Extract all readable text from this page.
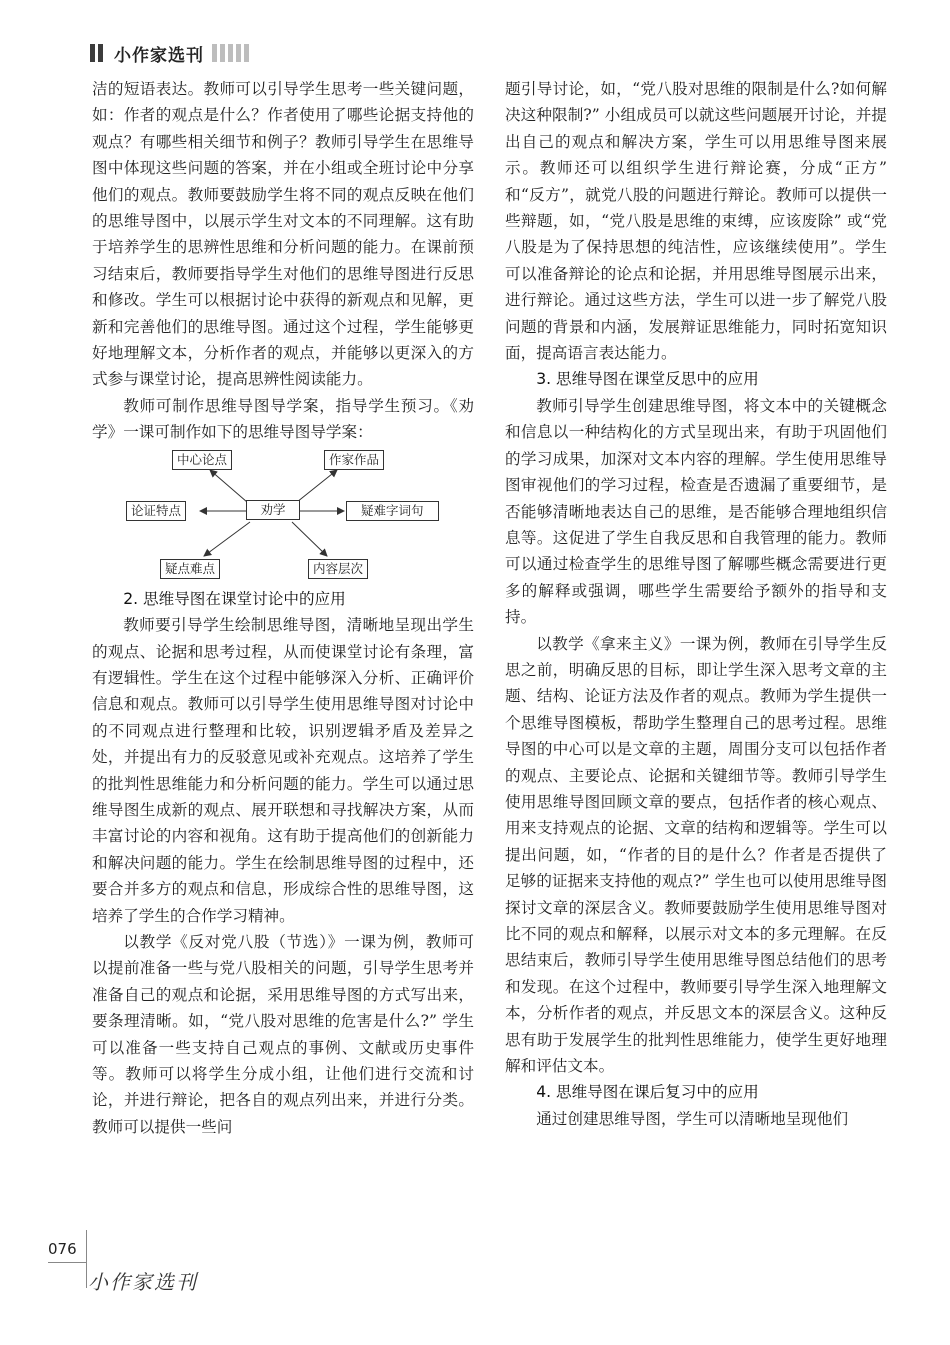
小作家选刊

洁的短语表达。教师可以引导学生思考一些关键问题，如：作者的观点是什么？作者使用了哪些论据支持他的观点？有哪些相关细节和例子？教师引导学生在思维导图中体现这些问题的答案，并在小组或全班讨论中分享他们的观点。教师要鼓励学生将不同的观点反映在他们的思维导图中，以展示学生对文本的不同理解。这有助于培养学生的思辨性思维和分析问题的能力。在课前预习结束后，教师要指导学生对他们的思维导图进行反思和修改。学生可以根据讨论中获得的新观点和见解，更新和完善他们的思维导图。通过这个过程，学生能够更好地理解文本，分析作者的观点，并能够以更深入的方式参与课堂讨论，提高思辨性阅读能力。

教师可制作思维导图导学案，指导学生预习。《劝学》一课可制作如下的思维导图导学案：

劝学
中心论点	作家作品
论证特点	疑难字词句
疑点难点	内容层次
2. 思维导图在课堂讨论中的应用

教师要引导学生绘制思维导图，清晰地呈现出学生的观点、论据和思考过程，从而使课堂讨论有条理，富有逻辑性。学生在这个过程中能够深入分析、正确评价信息和观点。教师可以引导学生使用思维导图对讨论中的不同观点进行整理和比较，识别逻辑矛盾及差异之处，并提出有力的反驳意见或补充观点。这培养了学生的批判性思维能力和分析问题的能力。学生可以通过思维导图生成新的观点、展开联想和寻找解决方案，从而丰富讨论的内容和视角。这有助于提高他们的创新能力和解决问题的能力。学生在绘制思维导图的过程中，还要合并多方的观点和信息，形成综合性的思维导图，这培养了学生的合作学习精神。

以教学《反对党八股（节选）》一课为例，教师可以提前准备一些与党八股相关的问题，引导学生思考并准备自己的观点和论据，采用思维导图的方式写出来，要条理清晰。如，“党八股对思维的危害是什么?” 学生可以准备一些支持自己观点的事例、文献或历史事件等。教师可以将学生分成小组，让他们进行交流和讨论，并进行辩论，把各自的观点列出来，并进行分类。教师可以提供一些问

题引导讨论，如，“党八股对思维的限制是什么?如何解决这种限制?” 小组成员可以就这些问题展开讨论，并提出自己的观点和解决方案，学生可以用思维导图来展示。教师还可以组织学生进行辩论赛，分成“正方” 和“反方”，就党八股的问题进行辩论。教师可以提供一些辩题，如，“党八股是思维的束缚，应该废除” 或“党八股是为了保持思想的纯洁性，应该继续使用”。学生可以准备辩论的论点和论据，并用思维导图展示出来，进行辩论。通过这些方法，学生可以进一步了解党八股问题的背景和内涵，发展辩证思维能力，同时拓宽知识面，提高语言表达能力。

3. 思维导图在课堂反思中的应用

教师引导学生创建思维导图，将文本中的关键概念和信息以一种结构化的方式呈现出来，有助于巩固他们的学习成果，加深对文本内容的理解。学生使用思维导图审视他们的学习过程，检查是否遗漏了重要细节，是否能够清晰地表达自己的思维，是否能够合理地组织信息等。这促进了学生自我反思和自我管理的能力。教师可以通过检查学生的思维导图了解哪些概念需要进行更多的解释或强调，哪些学生需要给予额外的指导和支持。

以教学《拿来主义》一课为例，教师在引导学生反思之前，明确反思的目标，即让学生深入思考文章的主题、结构、论证方法及作者的观点。教师为学生提供一个思维导图模板，帮助学生整理自己的思考过程。思维导图的中心可以是文章的主题，周围分支可以包括作者的观点、主要论点、论据和关键细节等。教师引导学生使用思维导图回顾文章的要点，包括作者的核心观点、用来支持观点的论据、文章的结构和逻辑等。学生可以提出问题，如，“作者的目的是什么？作者是否提供了足够的证据来支持他的观点?” 学生也可以使用思维导图探讨文章的深层含义。教师要鼓励学生使用思维导图对比不同的观点和解释，以展示对文本的多元理解。在反思结束后，教师引导学生使用思维导图总结他们的思考和发现。在这个过程中，教师要引导学生深入地理解文本，分析作者的观点，并反思文本的深层含义。这种反思有助于发展学生的批判性思维能力，使学生更好地理解和评估文本。

4. 思维导图在课后复习中的应用

通过创建思维导图，学生可以清晰地呈现他们

076
小作家选刊
